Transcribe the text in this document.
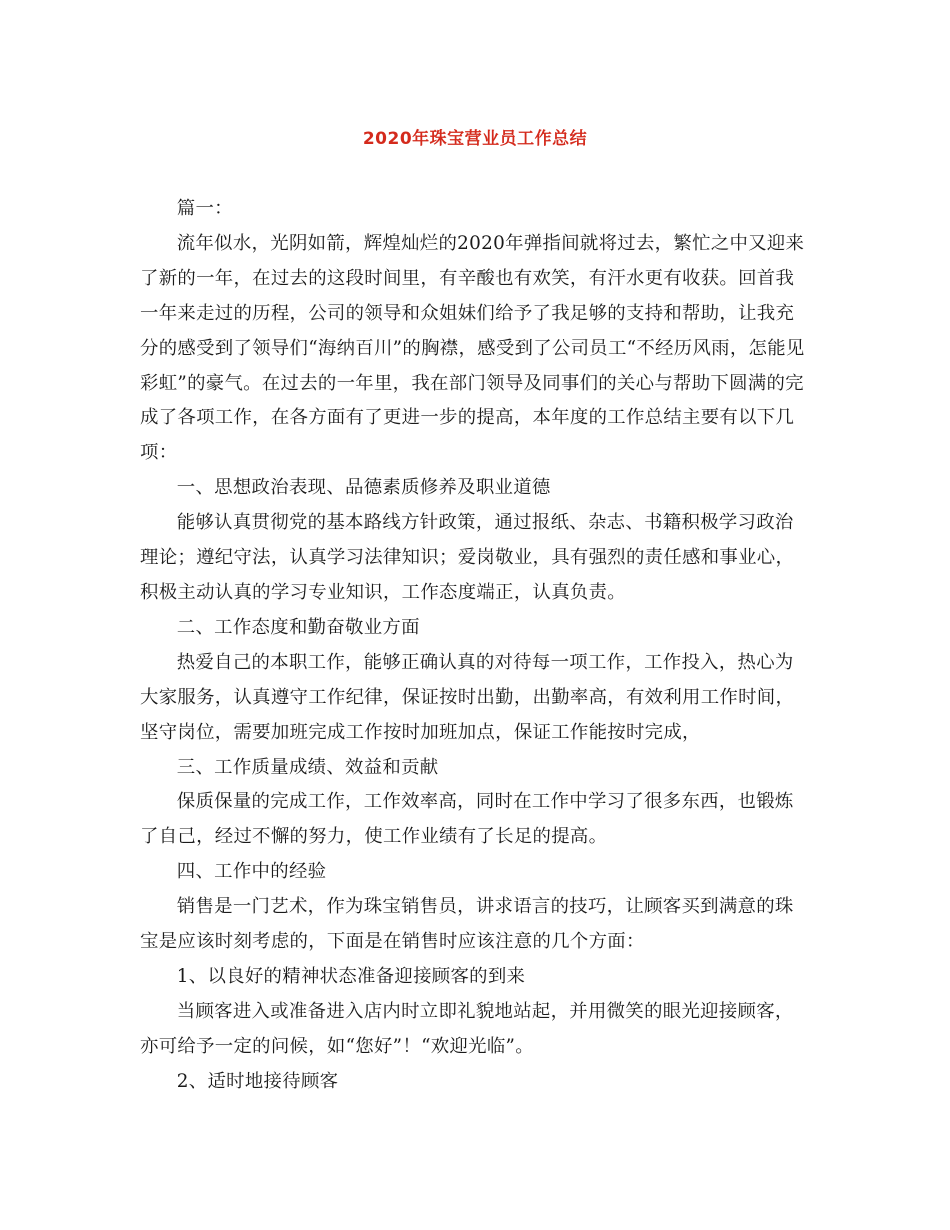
2020年珠宝营业员工作总结

篇一：

流年似水，光阴如箭，辉煌灿烂的2020年弹指间就将过去，繁忙之中又迎来了新的一年，在过去的这段时间里，有辛酸也有欢笑，有汗水更有收获。回首我一年来走过的历程，公司的领导和众姐妹们给予了我足够的支持和帮助，让我充分的感受到了领导们“海纳百川”的胸襟，感受到了公司员工“不经历风雨，怎能见彩虹”的豪气。在过去的一年里，我在部门领导及同事们的关心与帮助下圆满的完成了各项工作，在各方面有了更进一步的提高，本年度的工作总结主要有以下几项：

一、思想政治表现、品德素质修养及职业道德

能够认真贯彻党的基本路线方针政策，通过报纸、杂志、书籍积极学习政治理论；遵纪守法，认真学习法律知识；爱岗敬业，具有强烈的责任感和事业心，积极主动认真的学习专业知识，工作态度端正，认真负责。

二、工作态度和勤奋敬业方面

热爱自己的本职工作，能够正确认真的对待每一项工作，工作投入，热心为大家服务，认真遵守工作纪律，保证按时出勤，出勤率高，有效利用工作时间，坚守岗位，需要加班完成工作按时加班加点，保证工作能按时完成，

三、工作质量成绩、效益和贡献

保质保量的完成工作，工作效率高，同时在工作中学习了很多东西，也锻炼了自己，经过不懈的努力，使工作业绩有了长足的提高。

四、工作中的经验

销售是一门艺术，作为珠宝销售员，讲求语言的技巧，让顾客买到满意的珠宝是应该时刻考虑的，下面是在销售时应该注意的几个方面：

1、以良好的精神状态准备迎接顾客的到来

当顾客进入或准备进入店内时立即礼貌地站起，并用微笑的眼光迎接顾客，亦可给予一定的问候，如“您好”！“欢迎光临”。

2、适时地接待顾客
